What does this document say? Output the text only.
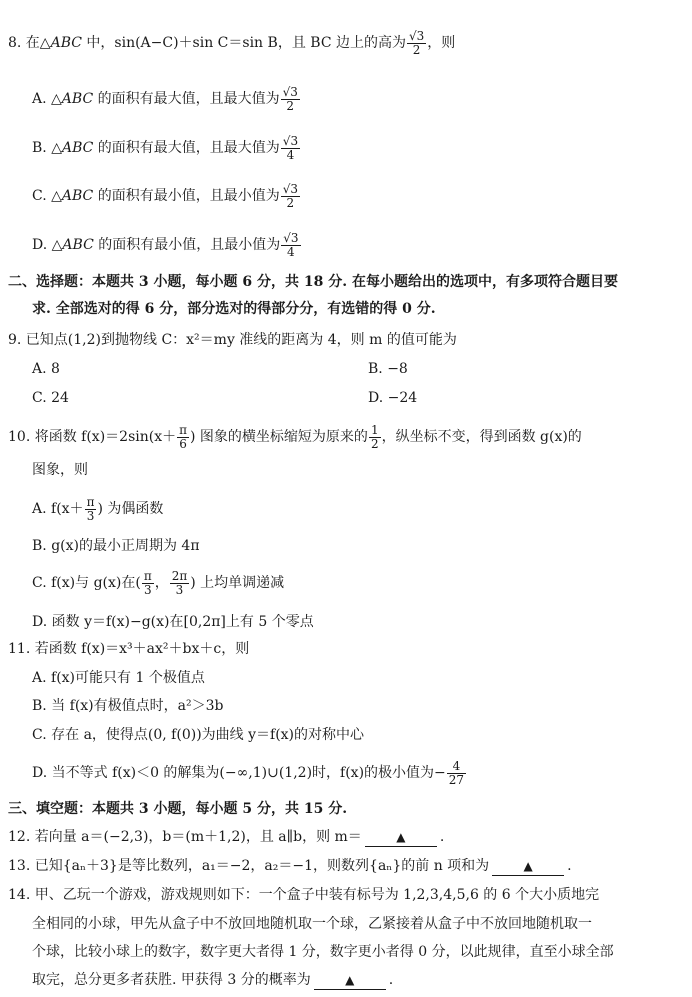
8. 在△ABC 中，sin(A−C)＋sin C＝sin B，且 BC 边上的高为 $\frac{√3}{2}$ ，则
A. △ABC 的面积有最大值，且最大值为 $\frac{√3}{2}$
B. △ABC 的面积有最大值，且最大值为 $\frac{√3}{4}$
C. △ABC 的面积有最小值，且最小值为 $\frac{√3}{2}$
D. △ABC 的面积有最小值，且最小值为 $\frac{√3}{4}$
二、选择题：本题共 3 小题，每小题 6 分，共 18 分. 在每小题给出的选项中，有多项符合题目要
求. 全部选对的得 6 分，部分选对的得部分分，有选错的得 0 分.
9. 已知点(1,2)到抛物线 C：x²＝my 准线的距离为 4，则 m 的值可能为
A. 8	B. −8
C. 24	D. −24
10. 将函数 $f(x)=2\sin(x+ \frac{\pi}{6}$ ) 图象的横坐标缩短为原来的 $\frac{1}{2}$ ，纵坐标不变，得到函数 g(x)的
图象，则
A. $f(x+ \frac{\pi}{3}$ ) 为偶函数
B. g(x)的最小正周期为 4π
C. f(x)与 g(x)在( $\frac{\pi}{3}$ ， $\frac{2\pi}{3}$ ) 上均单调递减
D. 函数 y＝f(x)−g(x)在[0,2π]上有 5 个零点
11. 若函数 f(x)＝x³＋ax²＋bx＋c，则
A. f(x)可能只有 1 个极值点
B. 当 f(x)有极值点时，a²＞3b
C. 存在 a，使得点(0, f(0))为曲线 y＝f(x)的对称中心
D. 当不等式 f(x)＜0 的解集为(−∞,1)∪(1,2)时，f(x)的极小值为− $\frac{4}{27}$
三、填空题：本题共 3 小题，每小题 5 分，共 15 分.
12. 若向量 a＝(−2,3)，b＝(m＋1,2)，且 a∥b，则 m＝	▲ .
13. 已知{aₙ＋3}是等比数列，a₁＝−2，a₂＝−1，则数列{aₙ}的前 n 项和为	▲ .
14. 甲、乙玩一个游戏，游戏规则如下：一个盒子中装有标号为 1,2,3,4,5,6 的 6 个大小质地完
全相同的小球，甲先从盒子中不放回地随机取一个球，乙紧接着从盒子中不放回地随机取一
个球，比较小球上的数字，数字更大者得 1 分，数字更小者得 0 分，以此规律，直至小球全部
取完，总分更多者获胜. 甲获得 3 分的概率为	▲ .
